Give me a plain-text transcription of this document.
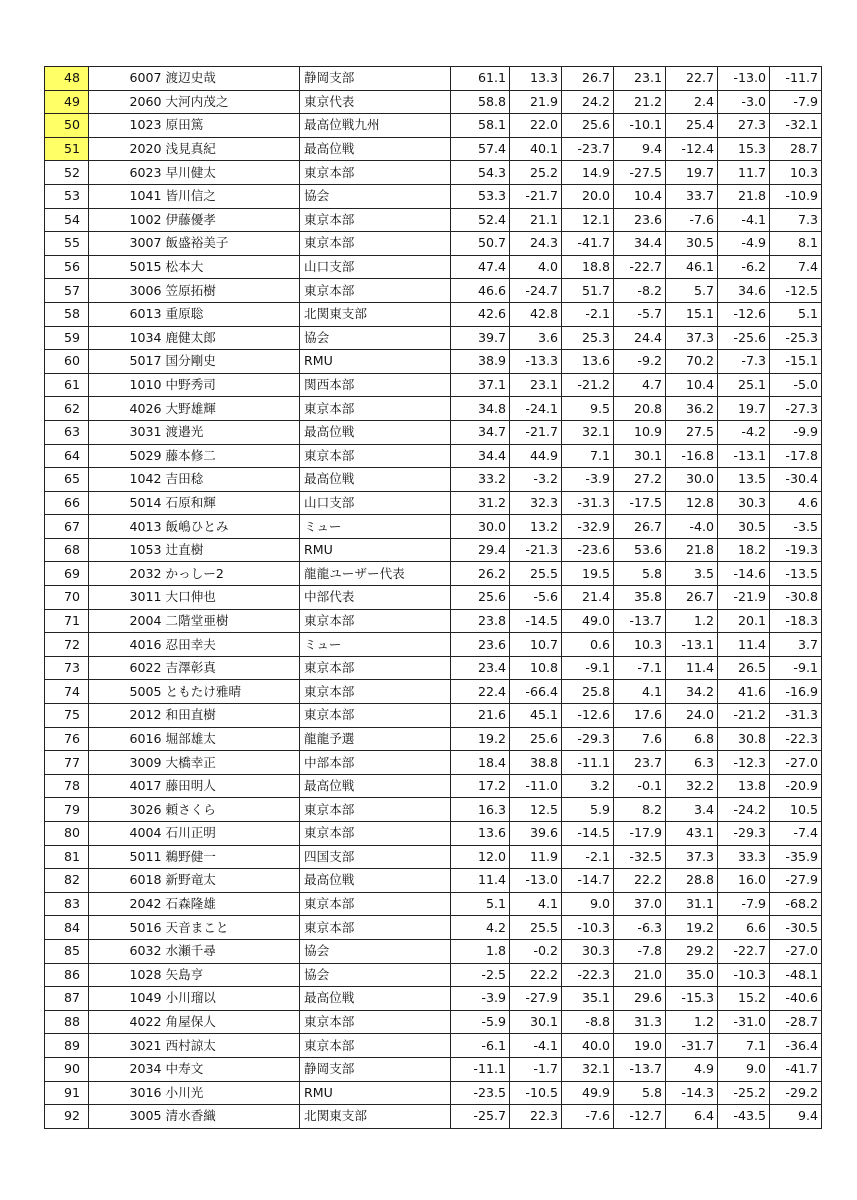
48	6007	渡辺史哉	静岡支部	61.1	13.3	26.7	23.1	22.7	-13.0	-11.7
49	2060	大河内茂之	東京代表	58.8	21.9	24.2	21.2	2.4	-3.0	-7.9
50	1023	原田篤	最高位戦九州	58.1	22.0	25.6	-10.1	25.4	27.3	-32.1
51	2020	浅見真紀	最高位戦	57.4	40.1	-23.7	9.4	-12.4	15.3	28.7
52	6023	早川健太	東京本部	54.3	25.2	14.9	-27.5	19.7	11.7	10.3
53	1041	皆川信之	協会	53.3	-21.7	20.0	10.4	33.7	21.8	-10.9
54	1002	伊藤優孝	東京本部	52.4	21.1	12.1	23.6	-7.6	-4.1	7.3
55	3007	飯盛裕美子	東京本部	50.7	24.3	-41.7	34.4	30.5	-4.9	8.1
56	5015	松本大	山口支部	47.4	4.0	18.8	-22.7	46.1	-6.2	7.4
57	3006	笠原拓樹	東京本部	46.6	-24.7	51.7	-8.2	5.7	34.6	-12.5
58	6013	重原聡	北関東支部	42.6	42.8	-2.1	-5.7	15.1	-12.6	5.1
59	1034	鹿健太郎	協会	39.7	3.6	25.3	24.4	37.3	-25.6	-25.3
60	5017	国分剛史	RMU	38.9	-13.3	13.6	-9.2	70.2	-7.3	-15.1
61	1010	中野秀司	関西本部	37.1	23.1	-21.2	4.7	10.4	25.1	-5.0
62	4026	大野雄輝	東京本部	34.8	-24.1	9.5	20.8	36.2	19.7	-27.3
63	3031	渡邉光	最高位戦	34.7	-21.7	32.1	10.9	27.5	-4.2	-9.9
64	5029	藤本修二	東京本部	34.4	44.9	7.1	30.1	-16.8	-13.1	-17.8
65	1042	吉田稔	最高位戦	33.2	-3.2	-3.9	27.2	30.0	13.5	-30.4
66	5014	石原和輝	山口支部	31.2	32.3	-31.3	-17.5	12.8	30.3	4.6
67	4013	飯嶋ひとみ	ミュー	30.0	13.2	-32.9	26.7	-4.0	30.5	-3.5
68	1053	辻直樹	RMU	29.4	-21.3	-23.6	53.6	21.8	18.2	-19.3
69	2032	かっしー2	龍龍ユーザー代表	26.2	25.5	19.5	5.8	3.5	-14.6	-13.5
70	3011	大口伸也	中部代表	25.6	-5.6	21.4	35.8	26.7	-21.9	-30.8
71	2004	二階堂亜樹	東京本部	23.8	-14.5	49.0	-13.7	1.2	20.1	-18.3
72	4016	忍田幸夫	ミュー	23.6	10.7	0.6	10.3	-13.1	11.4	3.7
73	6022	吉澤彰真	東京本部	23.4	10.8	-9.1	-7.1	11.4	26.5	-9.1
74	5005	ともたけ雅晴	東京本部	22.4	-66.4	25.8	4.1	34.2	41.6	-16.9
75	2012	和田直樹	東京本部	21.6	45.1	-12.6	17.6	24.0	-21.2	-31.3
76	6016	堀部雄太	龍龍予選	19.2	25.6	-29.3	7.6	6.8	30.8	-22.3
77	3009	大橋幸正	中部本部	18.4	38.8	-11.1	23.7	6.3	-12.3	-27.0
78	4017	藤田明人	最高位戦	17.2	-11.0	3.2	-0.1	32.2	13.8	-20.9
79	3026	頼さくら	東京本部	16.3	12.5	5.9	8.2	3.4	-24.2	10.5
80	4004	石川正明	東京本部	13.6	39.6	-14.5	-17.9	43.1	-29.3	-7.4
81	5011	鵜野健一	四国支部	12.0	11.9	-2.1	-32.5	37.3	33.3	-35.9
82	6018	新野竜太	最高位戦	11.4	-13.0	-14.7	22.2	28.8	16.0	-27.9
83	2042	石森隆雄	東京本部	5.1	4.1	9.0	37.0	31.1	-7.9	-68.2
84	5016	天音まこと	東京本部	4.2	25.5	-10.3	-6.3	19.2	6.6	-30.5
85	6032	水瀬千尋	協会	1.8	-0.2	30.3	-7.8	29.2	-22.7	-27.0
86	1028	矢島亨	協会	-2.5	22.2	-22.3	21.0	35.0	-10.3	-48.1
87	1049	小川瑠以	最高位戦	-3.9	-27.9	35.1	29.6	-15.3	15.2	-40.6
88	4022	角屋保人	東京本部	-5.9	30.1	-8.8	31.3	1.2	-31.0	-28.7
89	3021	西村諒太	東京本部	-6.1	-4.1	40.0	19.0	-31.7	7.1	-36.4
90	2034	中寿文	静岡支部	-11.1	-1.7	32.1	-13.7	4.9	9.0	-41.7
91	3016	小川光	RMU	-23.5	-10.5	49.9	5.8	-14.3	-25.2	-29.2
92	3005	清水香織	北関東支部	-25.7	22.3	-7.6	-12.7	6.4	-43.5	9.4
